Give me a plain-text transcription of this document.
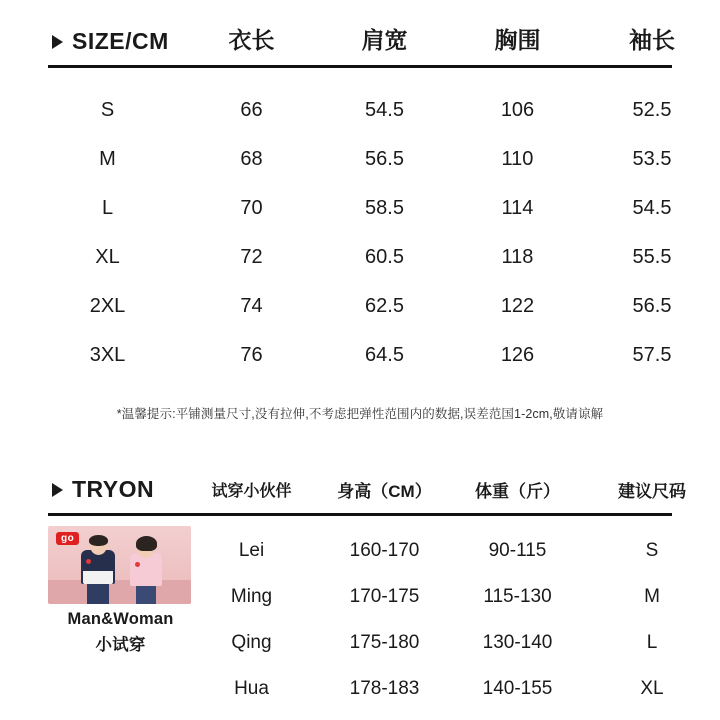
SIZE/CM	衣长	肩宽	胸围	袖长
S	66	54.5	106	52.5
M	68	56.5	110	53.5
L	70	58.5	114	54.5
XL	72	60.5	118	55.5
2XL	74	62.5	122	56.5
3XL	76	64.5	126	57.5
*温馨提示:平铺测量尺寸,没有拉伸,不考虑把弹性范围内的数据,误差范国1-2cm,敬请谅解
TRYON	试穿小伙伴	身高（CM）	体重（斤）	建议尺码
go
Man&Woman
小试穿
Lei	160-170	90-115	S
Ming	170-175	115-130	M
Qing	175-180	130-140	L
Hua	178-183	140-155	XL
